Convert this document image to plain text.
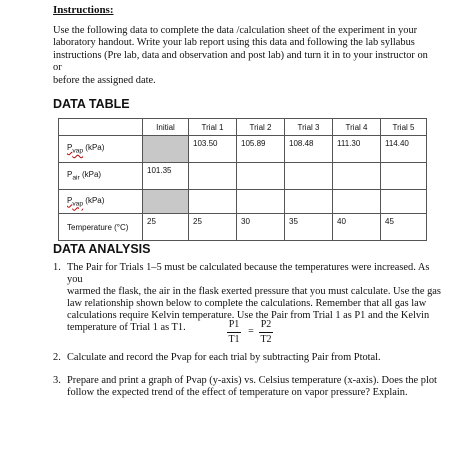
Instructions:
Use the following data to complete the data /calculation sheet of the experiment in your
laboratory handout. Write your lab report using this data and following the lab syllabus
instructions (Pre lab, data and observation and post lab) and turn it in to your instructor on or
before the assigned date.
DATA TABLE
	Initial	Trial 1	Trial 2	Trial 3	Trial 4	Trial 5
$P_{vap}$ (kPa)		103.50	105.89	108.48	111.30	114.40
$P_{air}$ (kPa)	101.35					
$P_{vap}$ (kPa)						
Temperature (°C)	25	25	30	35	40	45
DATA ANALYSIS
1. The Pair for Trials 1–5 must be calculated because the temperatures were increased. As you
warmed the flask, the air in the flask exerted pressure that you must calculate. Use the gas
law relationship shown below to complete the calculations. Remember that all gas law
calculations require Kelvin temperature. Use the Pair from Trial 1 as P1 and the Kelvin
temperature of Trial 1 as T1.	P1
T1
=
P2
T2
2. Calculate and record the Pvap for each trial by subtracting Pair from Ptotal.
3. Prepare and print a graph of Pvap (y-axis) vs. Celsius temperature (x-axis). Does the plot
follow the expected trend of the effect of temperature on vapor pressure? Explain.
